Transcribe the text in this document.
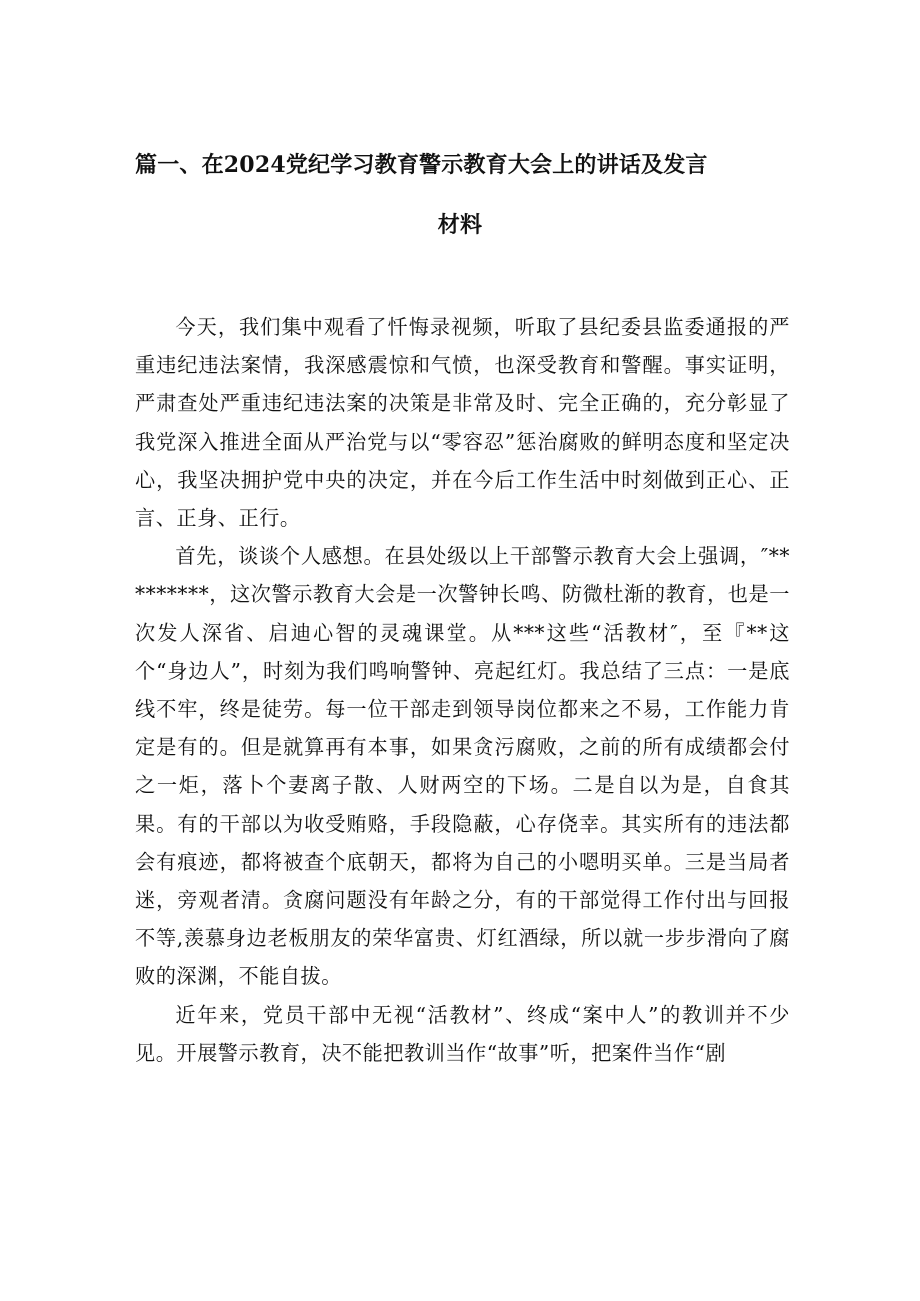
篇一、在2024党纪学习教育警示教育大会上的讲话及发言
材料

今天，我们集中观看了忏悔录视频，听取了县纪委县监委通报的严重违纪违法案情，我深感震惊和气愤，也深受教育和警醒。事实证明，严肃查处严重违纪违法案的决策是非常及时、完全正确的，充分彰显了我党深入推进全面从严治党与以“零容忍”惩治腐败的鲜明态度和坚定决心，我坚决拥护党中央的决定，并在今后工作生活中时刻做到正心、正言、正身、正行。

首先，谈谈个人感想。在县处级以上干部警示教育大会上强调，″*********，这次警示教育大会是一次警钟长鸣、防微杜渐的教育，也是一次发人深省、启迪心智的灵魂课堂。从***这些“活教材″，至『**这个“身边人”，时刻为我们鸣响警钟、亮起红灯。我总结了三点：一是底线不牢，终是徒劳。每一位干部走到领导岗位都来之不易，工作能力肯定是有的。但是就算再有本事，如果贪污腐败，之前的所有成绩都会付之一炬，落卜个妻离子散、人财两空的下场。二是自以为是，自食其果。有的干部以为收受贿赂，手段隐蔽，心存侥幸。其实所有的违法都会有痕迹，都将被查个底朝天，都将为自己的小嗯明买单。三是当局者迷，旁观者清。贪腐问题没有年龄之分，有的干部觉得工作付出与回报不等,羡慕身边老板朋友的荣华富贵、灯红酒绿，所以就一步步滑向了腐败的深渊，不能自拔。

近年来，党员干部中无视“活教材”、终成“案中人”的教训并不少见。开展警示教育，决不能把教训当作“故事”听，把案件当作“剧
